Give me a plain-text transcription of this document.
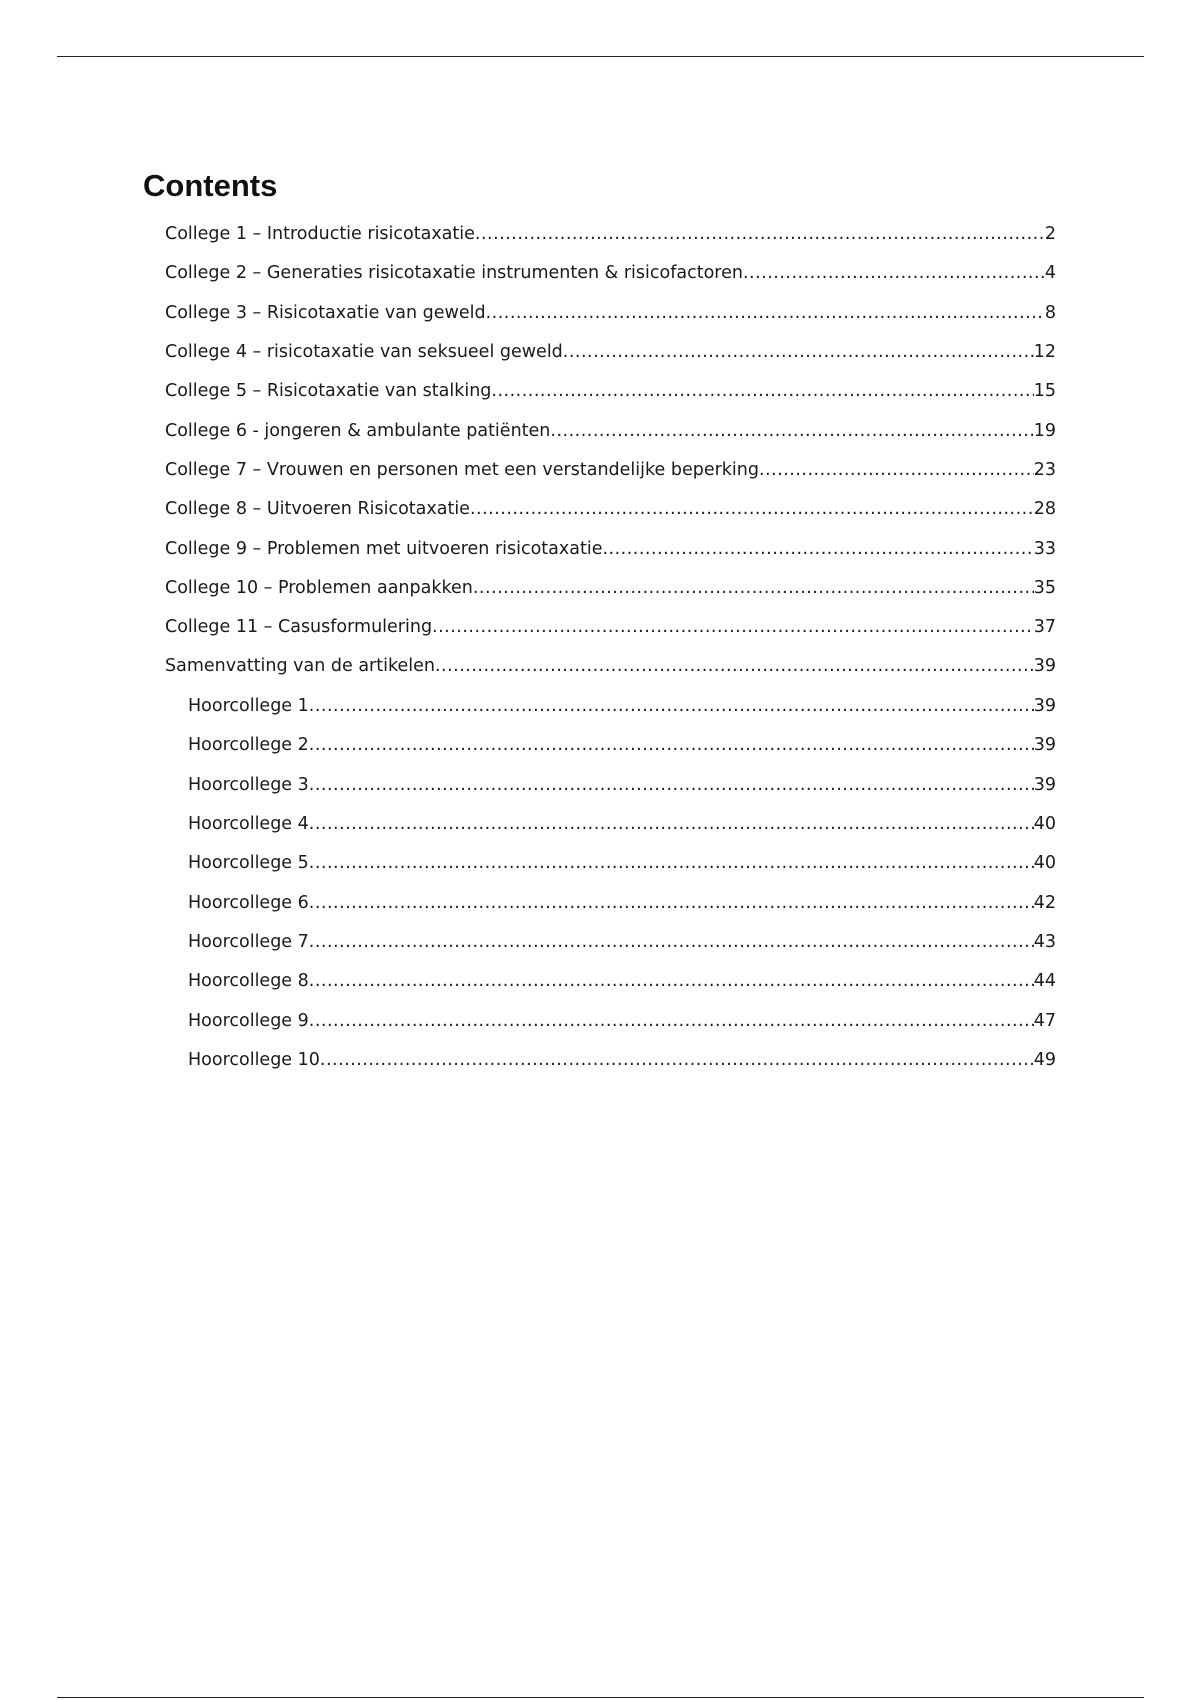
Contents
College 1 – Introductie risicotaxatie .....	2
College 2 – Generaties risicotaxatie instrumenten & risicofactoren .....	4
College 3 – Risicotaxatie van geweld .....	8
College 4 – risicotaxatie van seksueel geweld .....	12
College 5 – Risicotaxatie van stalking .....	15
College 6 - jongeren & ambulante patiënten .....	19
College 7 – Vrouwen en personen met een verstandelijke beperking .....	23
College 8 – Uitvoeren Risicotaxatie .....	28
College 9 – Problemen met uitvoeren risicotaxatie .....	33
College 10 – Problemen aanpakken .....	35
College 11 – Casusformulering .....	37
Samenvatting van de artikelen .....	39
Hoorcollege 1 .....	39
Hoorcollege 2 .....	39
Hoorcollege 3 .....	39
Hoorcollege 4 .....	40
Hoorcollege 5 .....	40
Hoorcollege 6 .....	42
Hoorcollege 7 .....	43
Hoorcollege 8 .....	44
Hoorcollege 9 .....	47
Hoorcollege 10 .....	49
